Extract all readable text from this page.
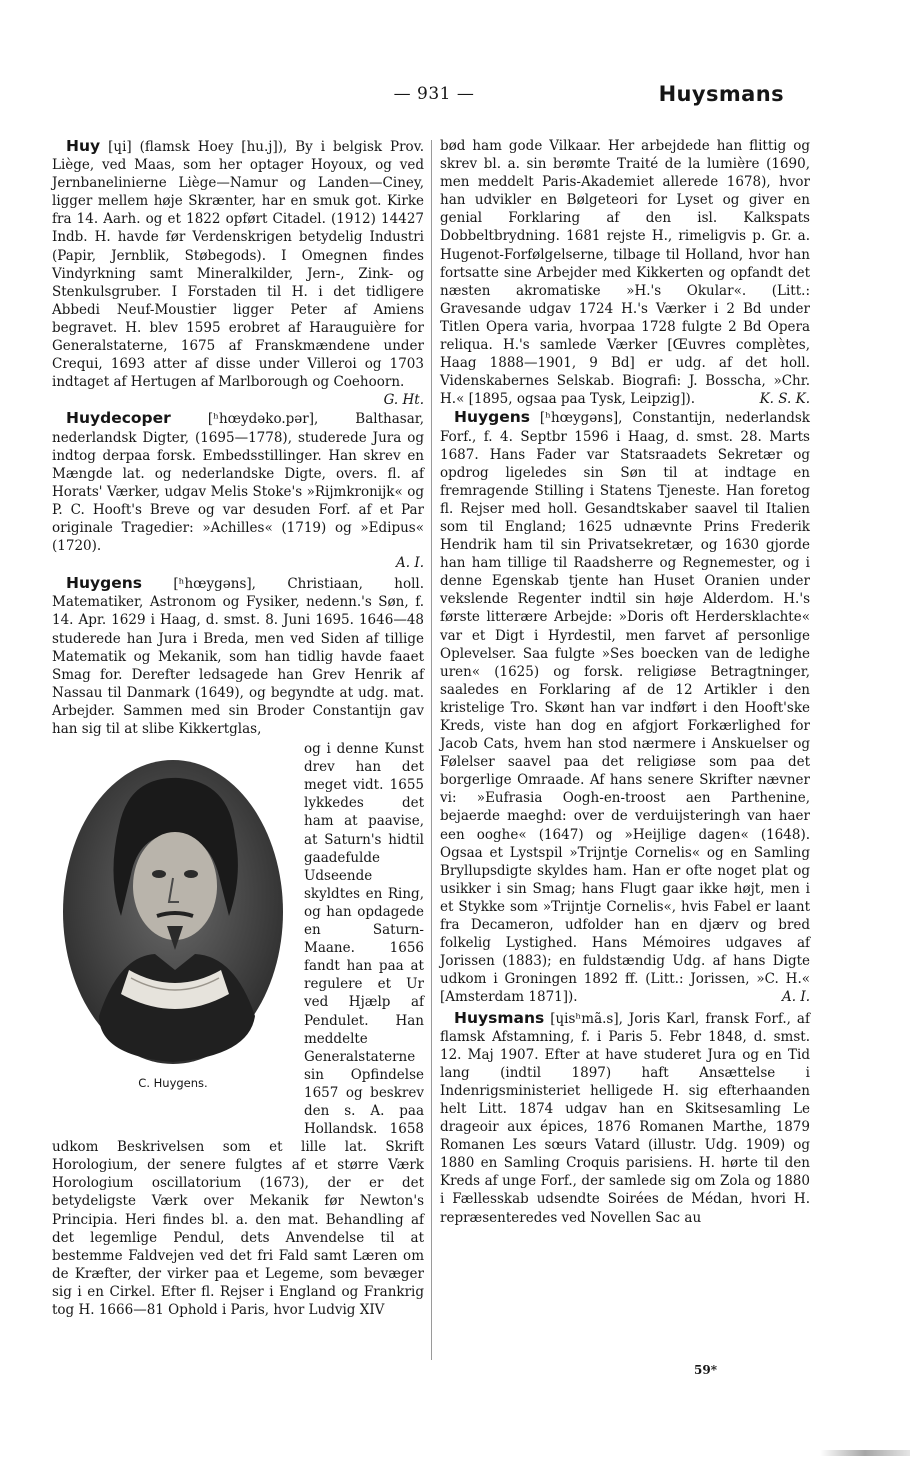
— 931 —	Huysmans

Huy [ɥi] (flamsk Hoey [hu.j]), By i belgisk Prov. Liège, ved Maas, som her optager Hoyoux, og ved Jernbanelinierne Liège—Namur og Landen—Ciney, ligger mellem høje Skrænter, har en smuk got. Kirke fra 14. Aarh. og et 1822 opført Citadel. (1912) 14427 Indb. H. havde før Verdenskrigen betydelig Industri (Papir, Jernblik, Støbegods). I Omegnen findes Vindyrkning samt Mineralkilder, Jern-, Zink- og Stenkulsgruber. I Forstaden til H. i det tidligere Abbedi Neuf-Moustier ligger Peter af Amiens begravet. H. blev 1595 erobret af Harauguière for Generalstaterne, 1675 af Franskmændene under Crequi, 1693 atter af disse under Villeroi og 1703 indtaget af Hertugen af Marlborough og Coehoorn.
G. Ht.

Huydecoper	[ʰhœydəko.pər], Balthasar, nederlandsk Digter, (1695—1778), studerede Jura og indtog derpaa forsk. Embedsstillinger. Han skrev en Mængde lat. og nederlandske Digte, overs. fl. af Horats' Værker, udgav Melis Stoke's »Rijmkronijk« og P. C. Hooft's Breve og var desuden Forf. af et Par originale Tragedier: »Achilles« (1719) og »Edipus« (1720).
A. I.

Huygens [ʰhœygəns], Christiaan, holl. Matematiker, Astronom og Fysiker, nedenn.'s Søn, f. 14. Apr. 1629 i Haag, d. smst. 8. Juni 1695. 1646—48 studerede han Jura i Breda, men ved Siden af tillige Matematik og Mekanik, som han tidlig havde faaet Smag for. Derefter ledsagede han Grev Henrik af Nassau til Danmark (1649), og begyndte at udg. mat. Arbejder. Sammen med sin Broder Constantijn gav han sig til at slibe Kikkertglas,

C. Huygens.

og i denne Kunst drev han det meget vidt. 1655 lykkedes det ham at paavise, at Saturn's hidtil gaadefulde Udseende skyldtes en Ring, og han opdagede en Saturn-Maane. 1656 fandt han paa at regulere et Ur ved Hjælp af Pendulet. Han meddelte Generalstaterne sin Opfindelse 1657 og beskrev den s. A. paa Hollandsk. 1658 udkom Beskrivelsen som et lille lat. Skrift Horologium, der senere fulgtes af et større Værk Horologium oscillatorium (1673), der er det betydeligste Værk over Mekanik før Newton's Principia. Heri findes bl. a. den mat. Behandling af det legemlige Pendul, dets Anvendelse til at bestemme Faldvejen ved det fri Fald samt Læren om de Kræfter, der virker paa et Legeme, som bevæger sig i en Cirkel. Efter fl. Rejser i England og Frankrig tog H. 1666—81 Ophold i Paris, hvor Ludvig XIV

bød ham gode Vilkaar. Her arbejdede han flittig og skrev bl. a. sin berømte Traité de la lumière (1690, men meddelt Paris-Akademiet allerede 1678), hvor han udvikler en Bølgeteori for Lyset og giver en genial Forklaring af den isl. Kalkspats Dobbeltbrydning. 1681 rejste H., rimeligvis p. Gr. a. Hugenot-Forfølgelserne, tilbage til Holland, hvor han fortsatte sine Arbejder med Kikkerten og opfandt det næsten akromatiske »H.'s Okular«. (Litt.: Gravesande udgav 1724 H.'s Værker i 2 Bd under Titlen Opera varia, hvorpaa 1728 fulgte 2 Bd Opera reliqua. H.'s samlede Værker [Œuvres complètes, Haag 1888—1901, 9 Bd] er udg. af det holl. Videnskabernes Selskab. Biografi: J. Bosscha, »Chr. H.« [1895, ogsaa paa Tysk, Leipzig]).	K. S. K.

Huygens [ʰhœygəns], Constantijn, nederlandsk Forf., f. 4. Septbr 1596 i Haag, d. smst. 28. Marts 1687. Hans Fader var Statsraadets Sekretær og opdrog ligeledes sin Søn til at indtage en fremragende Stilling i Statens Tjeneste. Han foretog fl. Rejser med holl. Gesandtskaber saavel til Italien som til England; 1625 udnævnte Prins Frederik Hendrik ham til sin Privatsekretær, og 1630 gjorde han ham tillige til Raadsherre og Regnemester, og i denne Egenskab tjente han Huset Oranien under vekslende Regenter indtil sin høje Alderdom. H.'s første litterære Arbejde: »Doris oft Herdersklachte« var et Digt i Hyrdestil, men farvet af personlige Oplevelser. Saa fulgte »Ses boecken van de ledighe uren« (1625) og forsk. religiøse Betragtninger, saaledes en Forklaring af de 12 Artikler i den kristelige Tro. Skønt han var indført i den Hooft'ske Kreds, viste han dog en afgjort Forkærlighed for Jacob Cats, hvem han stod nærmere i Anskuelser og Følelser saavel paa det religiøse som paa det borgerlige Omraade. Af hans senere Skrifter nævner vi: »Eufrasia Oogh-en-troost aen Parthenine, bejaerde maeghd: over de verduijsteringh van haer een ooghe« (1647) og »Heijlige dagen« (1648). Ogsaa et Lystspil »Trijntje Cornelis« og en Samling Bryllupsdigte skyldes ham. Han er ofte noget plat og usikker i sin Smag; hans Flugt gaar ikke højt, men i et Stykke som »Trijntje Cornelis«, hvis Fabel er laant fra Decameron, udfolder han en djærv og bred folkelig Lystighed. Hans Mémoires udgaves af Jorissen (1883); en fuldstændig Udg. af hans Digte udkom i Groningen 1892 ff. (Litt.: Jorissen, »C. H.« [Amsterdam 1871]).	A. I.

Huysmans [ɥisʰmã.s], Joris Karl, fransk Forf., af flamsk Afstamning, f. i Paris 5. Febr 1848, d. smst. 12. Maj 1907. Efter at have studeret Jura og en Tid lang (indtil 1897) haft Ansættelse i Indenrigsministeriet helligede H. sig efterhaanden helt Litt. 1874 udgav han en Skitsesamling Le drageoir aux épices, 1876 Romanen Marthe, 1879 Romanen Les sœurs Vatard (illustr. Udg. 1909) og 1880 en Samling Croquis parisiens. H. hørte til den Kreds af unge Forf., der samlede sig om Zola og 1880 i Fællesskab udsendte Soirées de Médan, hvori H. repræsenteredes ved Novellen Sac au

59*
